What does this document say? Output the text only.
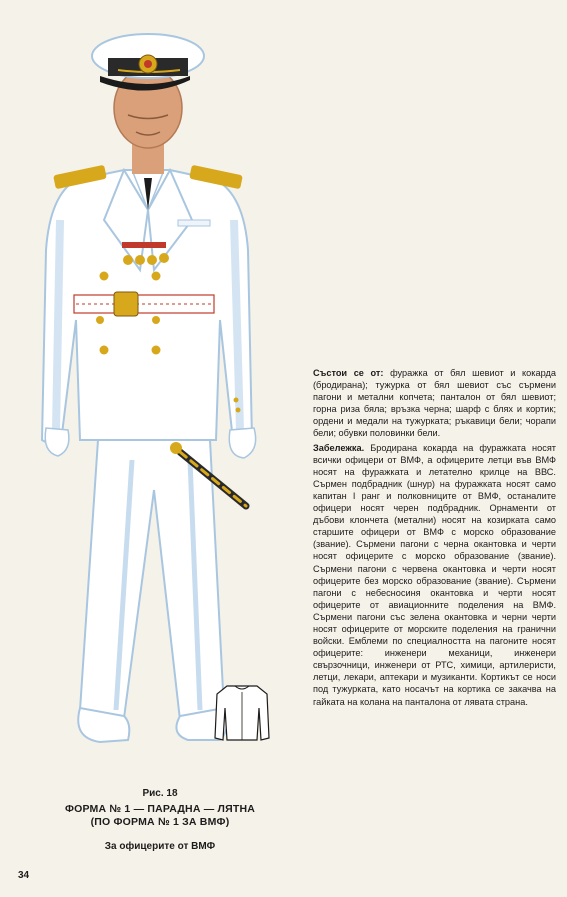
Рис. 18
ФОРМА № 1 — ПАРАДНА — ЛЯТНА
(ПО ФОРМА № 1 ЗА ВМФ)
За офицерите от ВМФ
34

Състои се от: фуражка от бял шевиот и кокарда (бродирана); тужурка от бял шевиот със сърмени пагони и метални копчета; панталон от бял шевиот; горна риза бяла; връзка черна; шарф с блях и кортик; ордени и медали на тужурката; ръкавици бели; чорапи бели; обувки половинки бели.

Забележка. Бродирана кокарда на фуражката носят всички офицери от ВМФ, а офицерите летци във ВМФ носят на фуражката и летателно крилце на ВВС. Сърмен подбрадник (шнур) на фуражката носят само капитан I ранг и полковниците от ВМФ, останалите офицери носят черен подбрадник. Орнаменти от дъбови клончета (метални) носят на козирката само старшите офицери от ВМФ с морско образование (звание). Сърмени пагони с черна окантовка и черти носят офицерите с морско образование (звание). Сърмени пагони с червена окантовка и черти носят офицерите без морско образование (звание). Сърмени пагони с небесносиня окантовка и черти носят офицерите от авиационните поделения на ВМФ. Сърмени пагони със зелена окантовка и черни черти носят офицерите от морските поделения на гранични войски. Емблеми по специалността на пагоните носят офицерите: инженери механици, инженери свързочници, инженери от РТС, химици, артилеристи, летци, лекари, аптекари и музиканти. Кортикът се носи под тужурката, като носачът на кортика се закачва на гайката на колана на панталона от лявата страна.
